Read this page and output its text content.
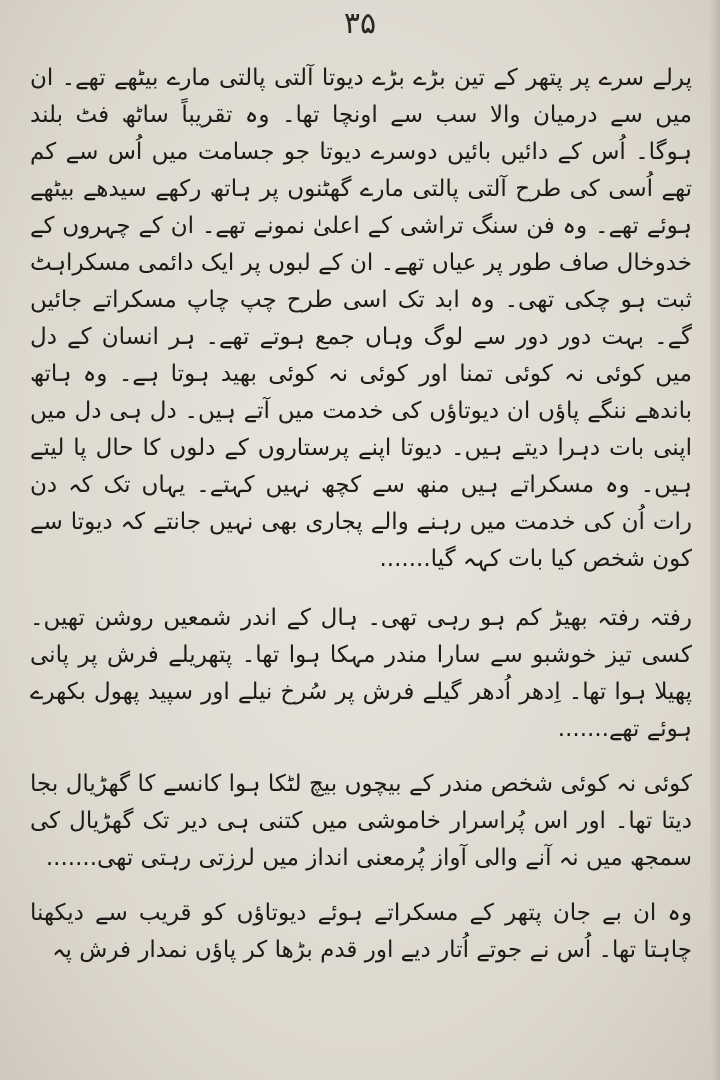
۳۵

پرلے سرے پر پتھر کے تین بڑے بڑے دیوتا آلتی پالتی مارے بیٹھے تھے۔ ان میں سے درمیان والا سب سے اونچا تھا۔ وہ تقریباً ساٹھ فٹ بلند ہوگا۔ اُس کے دائیں بائیں دوسرے دیوتا جو جسامت میں اُس سے کم تھے اُسی کی طرح آلتی پالتی مارے گھٹنوں پر ہاتھ رکھے سیدھے بیٹھے ہوئے تھے۔ وہ فن سنگ تراشی کے اعلیٰ نمونے تھے۔ ان کے چہروں کے خدوخال صاف طور پر عیاں تھے۔ ان کے لبوں پر ایک دائمی مسکراہٹ ثبت ہو چکی تھی۔ وہ ابد تک اسی طرح چپ چاپ مسکراتے جائیں گے۔ بہت دور دور سے لوگ وہاں جمع ہوتے تھے۔ ہر انسان کے دل میں کوئی نہ کوئی تمنا اور کوئی نہ کوئی بھید ہوتا ہے۔ وہ ہاتھ باندھے ننگے پاؤں ان دیوتاؤں کی خدمت میں آتے ہیں۔ دل ہی دل میں اپنی بات دہرا دیتے ہیں۔ دیوتا اپنے پرستاروں کے دلوں کا حال پا لیتے ہیں۔ وہ مسکراتے ہیں منھ سے کچھ نہیں کہتے۔ یہاں تک کہ دن رات اُن کی خدمت میں رہنے والے پجاری بھی نہیں جانتے کہ دیوتا سے کون شخص کیا بات کہہ گیا.......

رفتہ رفتہ بھیڑ کم ہو رہی تھی۔ ہال کے اندر شمعیں روشن تھیں۔ کسی تیز خوشبو سے سارا مندر مہکا ہوا تھا۔ پتھریلے فرش پر پانی پھیلا ہوا تھا۔ اِدھر اُدھر گیلے فرش پر سُرخ نیلے اور سپید پھول بکھرے ہوئے تھے.......

کوئی نہ کوئی شخص مندر کے بیچوں بیچ لٹکا ہوا کانسے کا گھڑیال بجا دیتا تھا۔ اور اس پُراسرار خاموشی میں کتنی ہی دیر تک گھڑیال کی سمجھ میں نہ آنے والی آواز پُرمعنی انداز میں لرزتی رہتی تھی.......

وہ ان بے جان پتھر کے مسکراتے ہوئے دیوتاؤں کو قریب سے دیکھنا چاہتا تھا۔ اُس نے جوتے اُتار دیے اور قدم بڑھا کر پاؤں نمدار فرش پہ
